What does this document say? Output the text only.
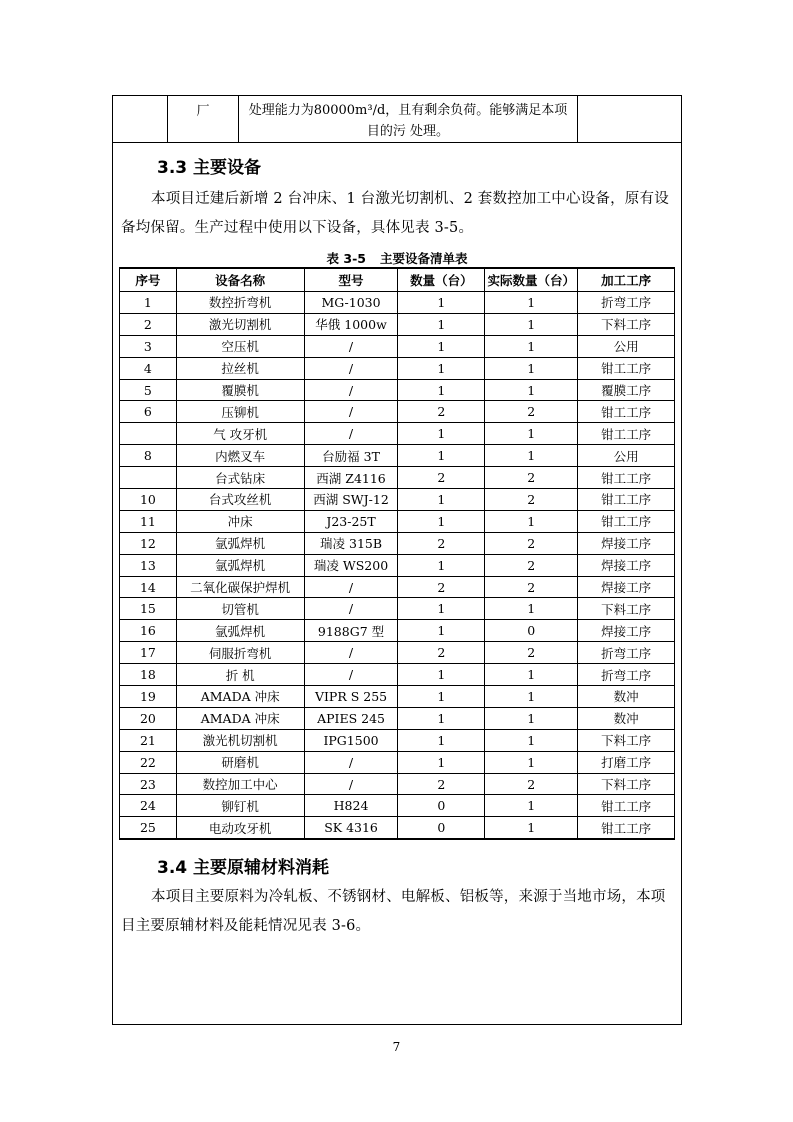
厂	处理能力为80000m³/d，且有剩余负荷。能够满足本项
目的污 处理。
3.3 主要设备
本项目迁建后新增 2 台冲床、1 台激光切割机、2 套数控加工中心设备，原有设备均保留。生产过程中使用以下设备，具体见表 3-5。
表 3-5 主要设备清单表
序号	设备名称	型号	数量（台）	实际数量（台）	加工工序
1	数控折弯机	MG-1030	1	1	折弯工序
2	激光切割机	华俄 1000w	1	1	下料工序
3	空压机	/	1	1	公用
4	拉丝机	/	1	1	钳工工序
5	覆膜机	/	1	1	覆膜工序
6	压铆机	/	2	2	钳工工序
	气 攻牙机	/	1	1	钳工工序
8	内燃叉车	台励福 3T	1	1	公用
	台式钻床	西湖 Z4116	2	2	钳工工序
10	台式攻丝机	西湖 SWJ-12	1	2	钳工工序
11	冲床	J23-25T	1	1	钳工工序
12	氩弧焊机	瑞凌 315B	2	2	焊接工序
13	氩弧焊机	瑞凌 WS200	1	2	焊接工序
14	二氧化碳保护焊机	/	2	2	焊接工序
15	切管机	/	1	1	下料工序
16	氩弧焊机	9188G7 型	1	0	焊接工序
17	伺服折弯机	/	2	2	折弯工序
18	折 机	/	1	1	折弯工序
19	AMADA 冲床	VIPR S 255	1	1	数冲
20	AMADA 冲床	APIES 245	1	1	数冲
21	激光机切割机	IPG1500	1	1	下料工序
22	研磨机	/	1	1	打磨工序
23	数控加工中心	/	2	2	下料工序
24	铆钉机	H824	0	1	钳工工序
25	电动攻牙机	SK 4316	0	1	钳工工序
3.4 主要原辅材料消耗
本项目主要原料为冷轧板、不锈钢材、电解板、铝板等，来源于当地市场，本项目主要原辅材料及能耗情况见表 3-6。
7
